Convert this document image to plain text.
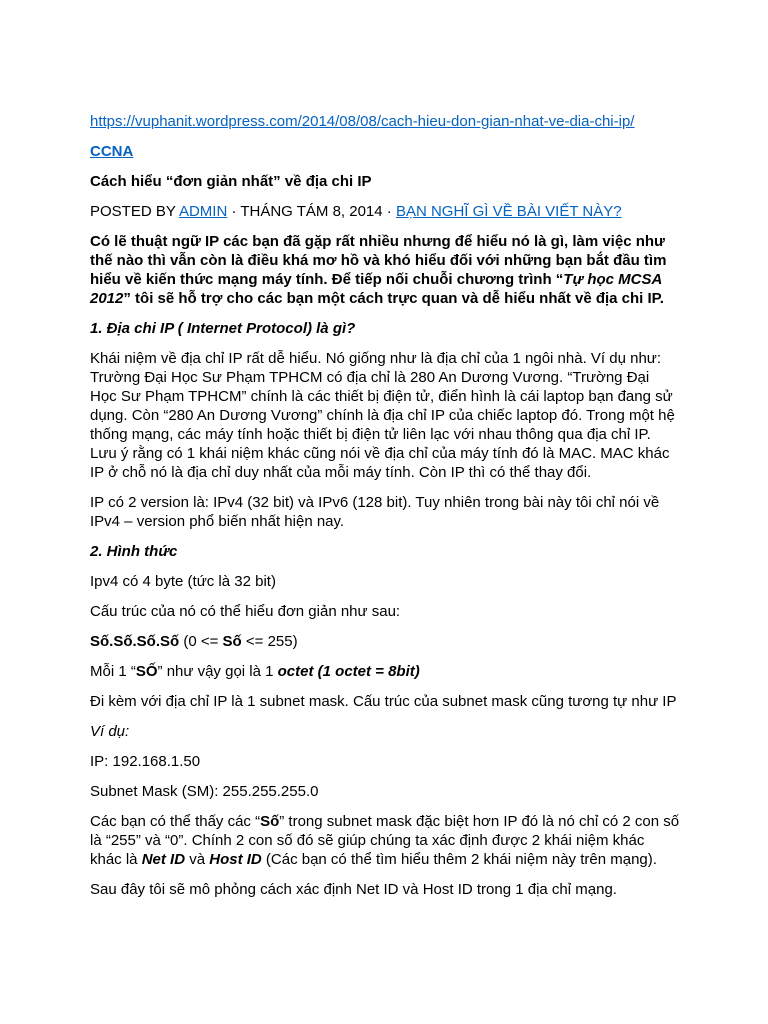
https://vuphanit.wordpress.com/2014/08/08/cach-hieu-don-gian-nhat-ve-dia-chi-ip/

CCNA

Cách hiểu “đơn giản nhất” về địa chi IP

POSTED BY ADMIN · THÁNG TÁM 8, 2014 · BẠN NGHĨ GÌ VỀ BÀI VIẾT NÀY?

Có lẽ thuật ngữ IP các bạn đã gặp rất nhiều nhưng để hiểu nó là gì, làm việc như thế nào thì vẫn còn là điều khá mơ hồ và khó hiểu đối với những bạn bắt đầu tìm hiểu về kiến thức mạng máy tính. Để tiếp nối chuỗi chương trình “Tự học MCSA 2012” tôi sẽ hỗ trợ cho các bạn một cách trực quan và dễ hiểu nhất về địa chi IP.

1. Địa chi IP ( Internet Protocol) là gì?

Khái niệm về địa chỉ IP rất dễ hiểu. Nó giống như là địa chỉ của 1 ngôi nhà. Ví dụ như: Trường Đại Học Sư Phạm TPHCM có địa chỉ là 280 An Dương Vương. “Trường Đại Học Sư Phạm TPHCM” chính là các thiết bị điện tử, điển hình là cái laptop bạn đang sử dụng. Còn “280 An Dương Vương” chính là địa chỉ IP của chiếc laptop đó. Trong một hệ thống mạng, các máy tính hoặc thiết bị điện tử liên lạc với nhau thông qua địa chỉ IP. Lưu ý rằng có 1 khái niệm khác cũng nói về địa chỉ của máy tính đó là MAC. MAC khác IP ở chỗ nó là địa chỉ duy nhất của mỗi máy tính. Còn IP thì có thể thay đổi.

IP có 2 version là: IPv4 (32 bit) và IPv6 (128 bit). Tuy nhiên trong bài này tôi chỉ nói về IPv4 – version phổ biến nhất hiện nay.

2. Hình thức

Ipv4 có 4 byte (tức là 32 bit)

Cấu trúc của nó có thể hiểu đơn giản như sau:

Số.Số.Số.Số (0 <= Số <= 255)

Mỗi 1 “SỐ” như vậy gọi là 1 octet (1 octet = 8bit)

Đi kèm với địa chỉ IP là 1 subnet mask. Cấu trúc của subnet mask cũng tương tự như IP

Ví dụ:

IP: 192.168.1.50

Subnet Mask (SM): 255.255.255.0

Các bạn có thể thấy các “Số” trong subnet mask đặc biệt hơn IP đó là nó chỉ có 2 con số là “255” và “0”. Chính 2 con số đó sẽ giúp chúng ta xác định được 2 khái niệm khác khác là Net ID và Host ID (Các bạn có thể tìm hiểu thêm 2 khái niệm này trên mạng).

Sau đây tôi sẽ mô phỏng cách xác định Net ID và Host ID trong 1 địa chỉ mạng.
